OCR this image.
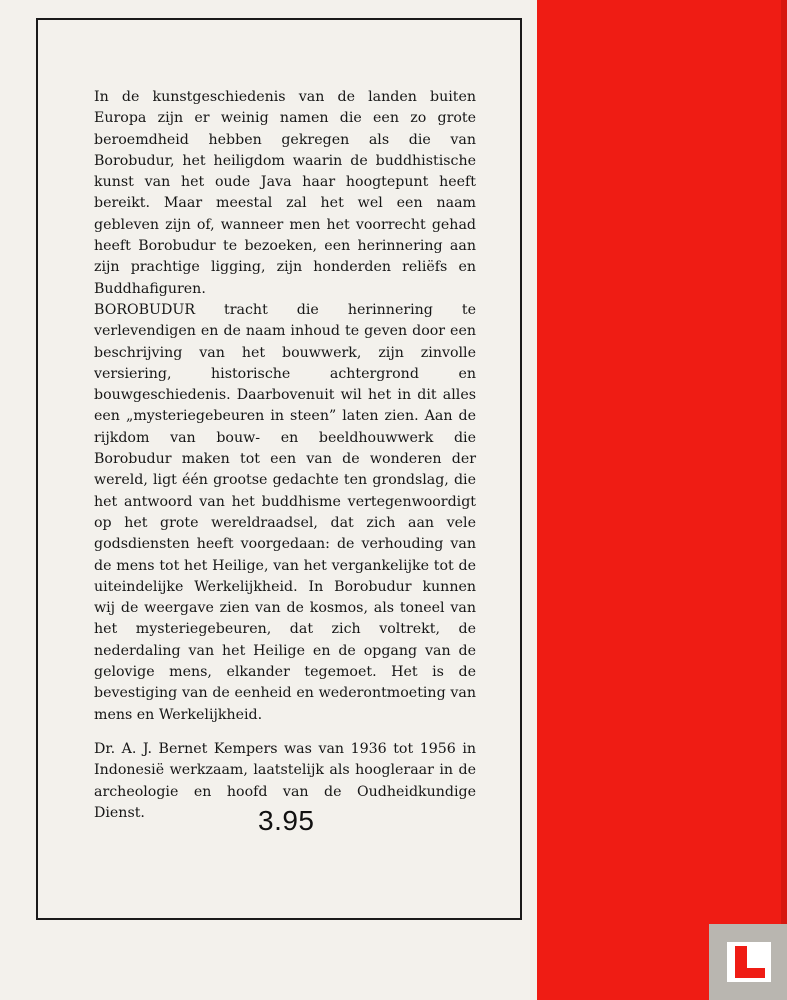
In de kunstgeschiedenis van de landen buiten Europa zijn er weinig namen die een zo grote beroemdheid hebben gekregen als die van Borobudur, het heiligdom waarin de buddhistische kunst van het oude Java haar hoogtepunt heeft bereikt. Maar meestal zal het wel een naam gebleven zijn of, wanneer men het voorrecht gehad heeft Borobudur te bezoeken, een herinnering aan zijn prachtige ligging, zijn honderden reliëfs en Buddhafiguren.

BOROBUDUR tracht die herinnering te verlevendigen en de naam inhoud te geven door een beschrijving van het bouwwerk, zijn zinvolle versiering, historische achtergrond en bouwgeschiedenis. Daarbovenuit wil het in dit alles een „mysteriegebeuren in steen” laten zien. Aan de rijkdom van bouw- en beeldhouwwerk die Borobudur maken tot een van de wonderen der wereld, ligt één grootse gedachte ten grondslag, die het antwoord van het buddhisme vertegenwoordigt op het grote wereldraadsel, dat zich aan vele godsdiensten heeft voorgedaan: de verhouding van de mens tot het Heilige, van het vergankelijke tot de uiteindelijke Werkelijkheid. In Borobudur kunnen wij de weergave zien van de kosmos, als toneel van het mysteriegebeuren, dat zich voltrekt, de nederdaling van het Heilige en de opgang van de gelovige mens, elkander tegemoet. Het is de bevestiging van de eenheid en wederontmoeting van mens en Werkelijkheid.

Dr. A. J. Bernet Kempers was van 1936 tot 1956 in Indonesië werkzaam, laatstelijk als hoogleraar in de archeologie en hoofd van de Oudheidkundige Dienst.	3.95
